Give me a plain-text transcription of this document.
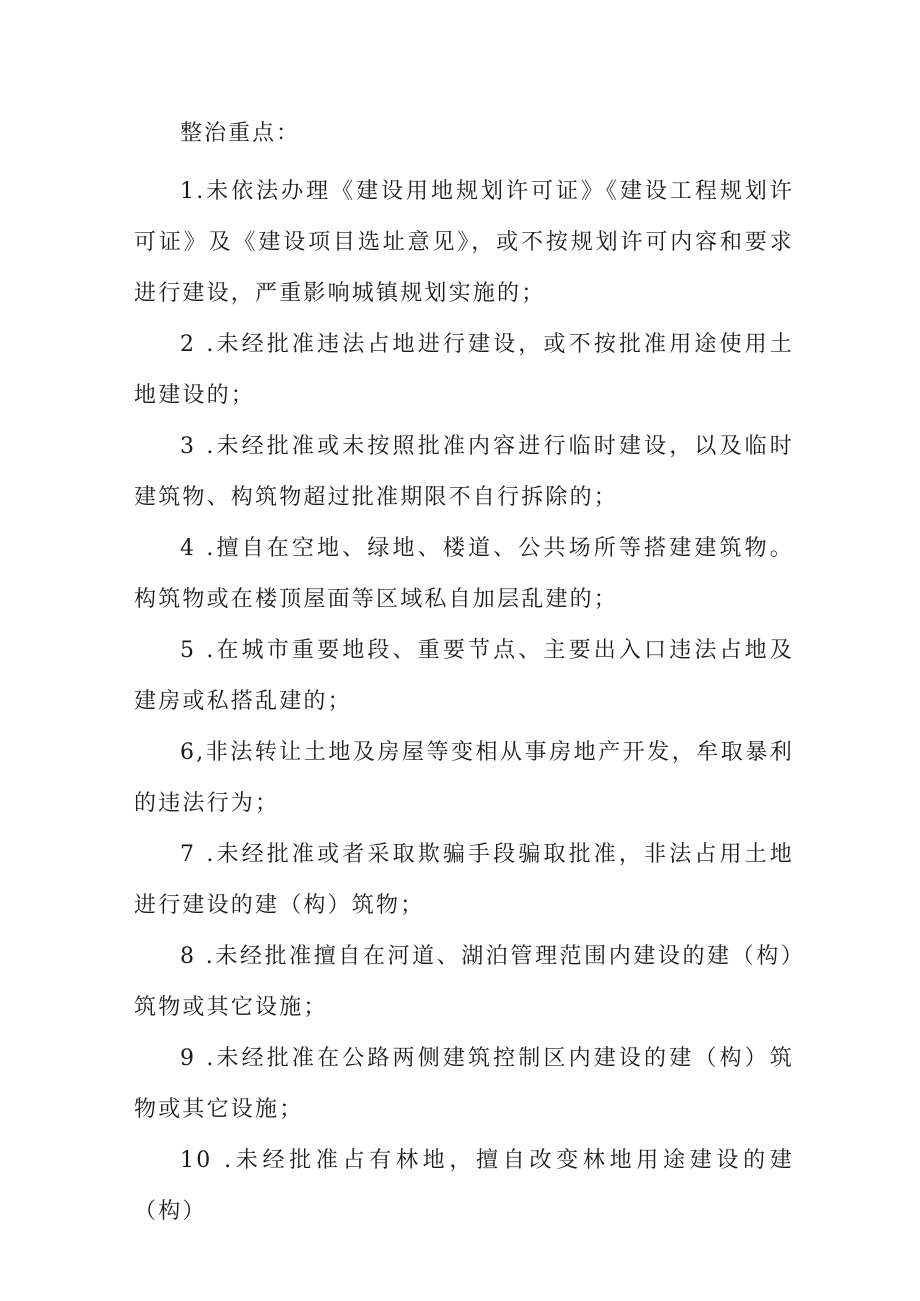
整治重点：

1.未依法办理《建设用地规划许可证》《建设工程规划许可证》及《建设项目选址意见》，或不按规划许可内容和要求进行建设，严重影响城镇规划实施的；

2 .未经批准违法占地进行建设，或不按批准用途使用土地建设的；

3 .未经批准或未按照批准内容进行临时建设，以及临时建筑物、构筑物超过批准期限不自行拆除的；

4 .擅自在空地、绿地、楼道、公共场所等搭建建筑物。构筑物或在楼顶屋面等区域私自加层乱建的；

5 .在城市重要地段、重要节点、主要出入口违法占地及建房或私搭乱建的；

6,非法转让土地及房屋等变相从事房地产开发，牟取暴利的违法行为；

7 .未经批准或者采取欺骗手段骗取批准，非法占用土地进行建设的建（构）筑物；

8 .未经批准擅自在河道、湖泊管理范围内建设的建（构）筑物或其它设施；

9 .未经批准在公路两侧建筑控制区内建设的建（构）筑物或其它设施；

10 .未经批准占有林地，擅自改变林地用途建设的建（构）
